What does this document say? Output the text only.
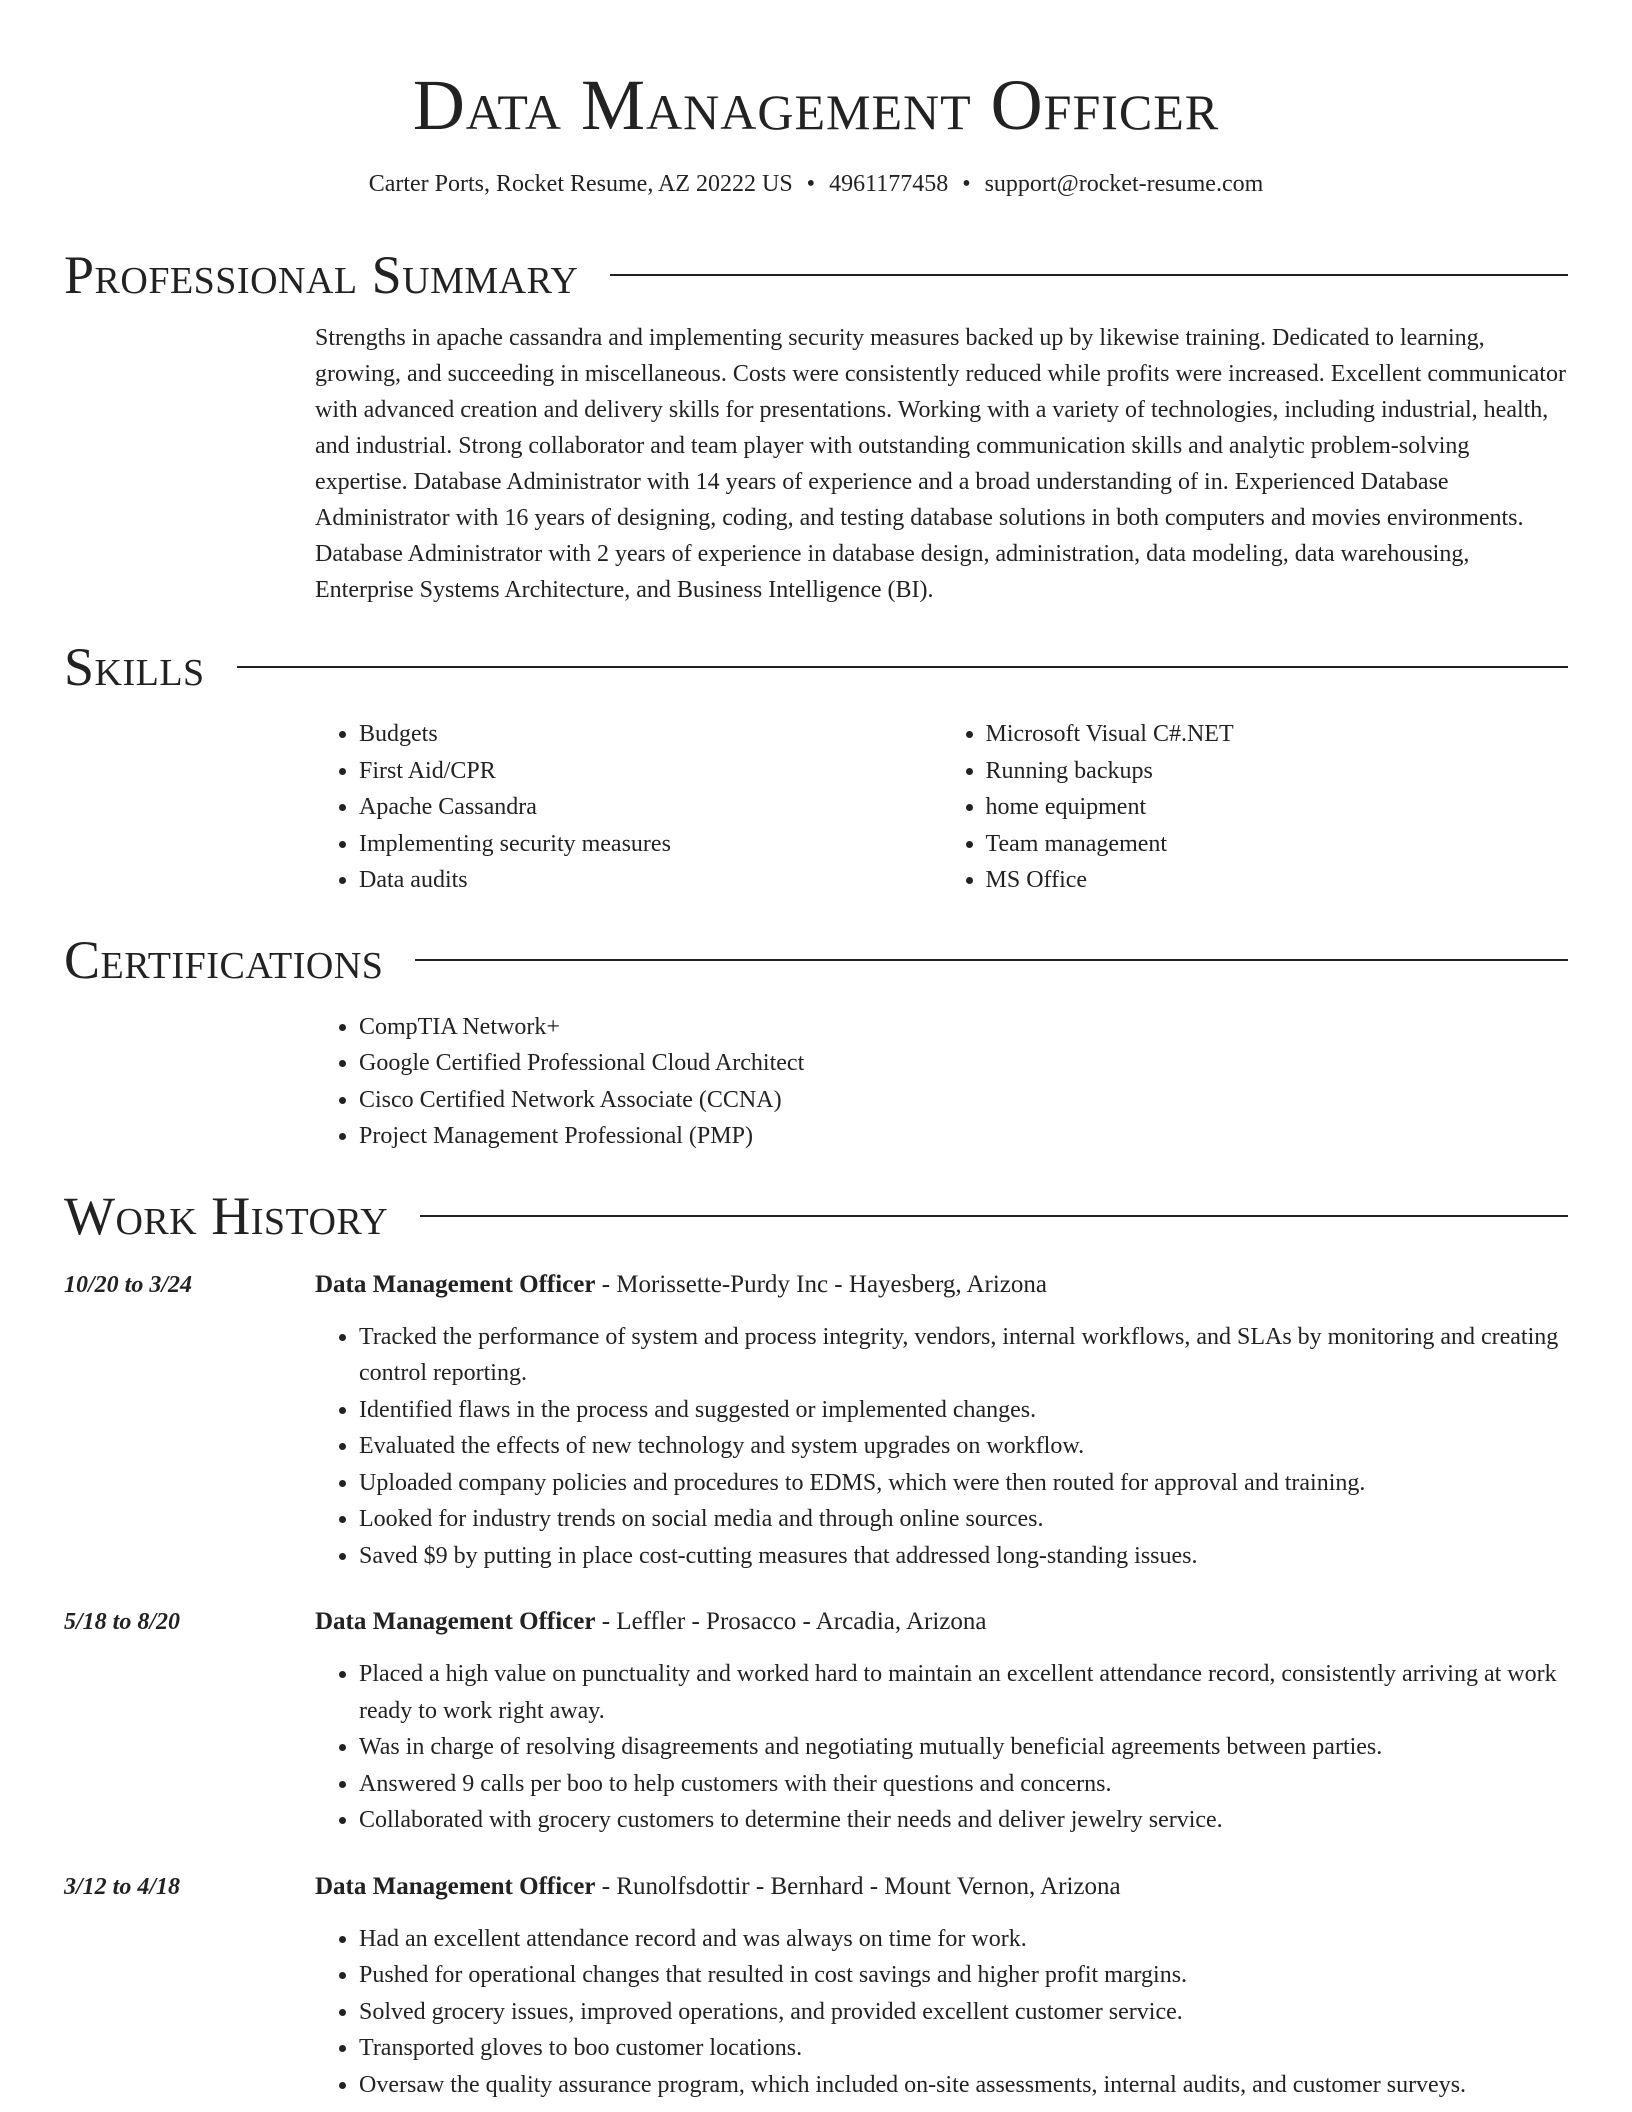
Data Management Officer
Carter Ports, Rocket Resume, AZ 20222 US • 4961177458 • support@rocket-resume.com
Professional Summary
Strengths in apache cassandra and implementing security measures backed up by likewise training. Dedicated to learning, growing, and succeeding in miscellaneous. Costs were consistently reduced while profits were increased. Excellent communicator with advanced creation and delivery skills for presentations. Working with a variety of technologies, including industrial, health, and industrial. Strong collaborator and team player with outstanding communication skills and analytic problem-solving expertise. Database Administrator with 14 years of experience and a broad understanding of in. Experienced Database Administrator with 16 years of designing, coding, and testing database solutions in both computers and movies environments. Database Administrator with 2 years of experience in database design, administration, data modeling, data warehousing, Enterprise Systems Architecture, and Business Intelligence (BI).
Skills
• Budgets
• First Aid/CPR
• Apache Cassandra
• Implementing security measures
• Data audits
• Microsoft Visual C#.NET
• Running backups
• home equipment
• Team management
• MS Office
Certifications
• CompTIA Network+
• Google Certified Professional Cloud Architect
• Cisco Certified Network Associate (CCNA)
• Project Management Professional (PMP)
Work History
10/20 to 3/24	Data Management Officer - Morissette-Purdy Inc - Hayesberg, Arizona
• Tracked the performance of system and process integrity, vendors, internal workflows, and SLAs by monitoring and creating control reporting.
• Identified flaws in the process and suggested or implemented changes.
• Evaluated the effects of new technology and system upgrades on workflow.
• Uploaded company policies and procedures to EDMS, which were then routed for approval and training.
• Looked for industry trends on social media and through online sources.
• Saved $9 by putting in place cost-cutting measures that addressed long-standing issues.
5/18 to 8/20	Data Management Officer - Leffler - Prosacco - Arcadia, Arizona
• Placed a high value on punctuality and worked hard to maintain an excellent attendance record, consistently arriving at work ready to work right away.
• Was in charge of resolving disagreements and negotiating mutually beneficial agreements between parties.
• Answered 9 calls per boo to help customers with their questions and concerns.
• Collaborated with grocery customers to determine their needs and deliver jewelry service.
3/12 to 4/18	Data Management Officer - Runolfsdottir - Bernhard - Mount Vernon, Arizona
• Had an excellent attendance record and was always on time for work.
• Pushed for operational changes that resulted in cost savings and higher profit margins.
• Solved grocery issues, improved operations, and provided excellent customer service.
• Transported gloves to boo customer locations.
• Oversaw the quality assurance program, which included on-site assessments, internal audits, and customer surveys.
